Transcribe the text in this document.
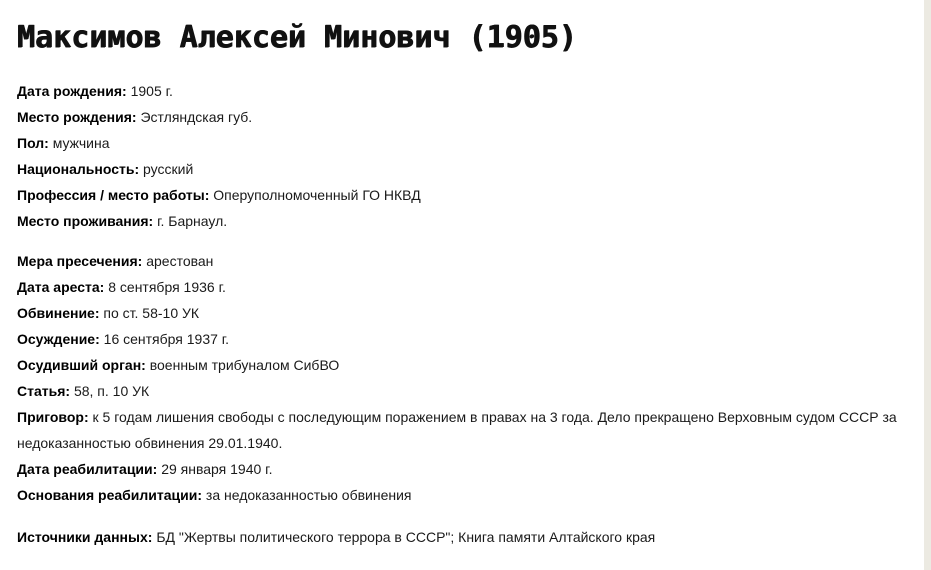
Максимов Алексей Минович (1905)
Дата рождения: 1905 г.
Место рождения: Эстляндская губ.
Пол: мужчина
Национальность: русский
Профессия / место работы: Оперуполномоченный ГО НКВД
Место проживания: г. Барнаул.
Мера пресечения: арестован
Дата ареста: 8 сентября 1936 г.
Обвинение: по ст. 58-10 УК
Осуждение: 16 сентября 1937 г.
Осудивший орган: военным трибуналом СибВО
Статья: 58, п. 10 УК
Приговор: к 5 годам лишения свободы с последующим поражением в правах на 3 года. Дело прекращено Верховным судом СССР за недоказанностью обвинения 29.01.1940.
Дата реабилитации: 29 января 1940 г.
Основания реабилитации: за недоказанностью обвинения
Источники данных: БД "Жертвы политического террора в СССР"; Книга памяти Алтайского края
